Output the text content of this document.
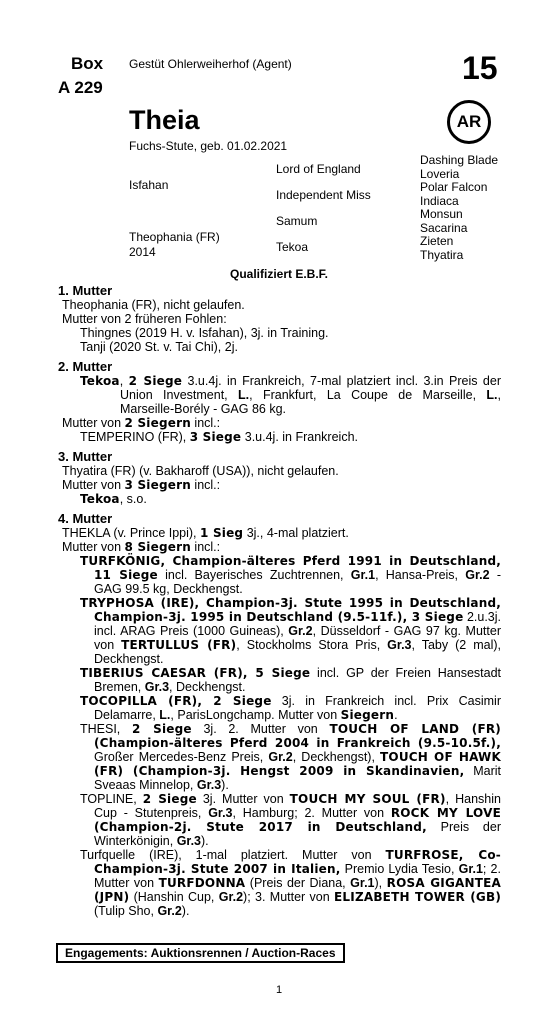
Box
A 229
Gestüt Ohlerweiherhof (Agent)	15
Theia
Fuchs-Stute, geb. 01.02.2021
AR
Isfahan
Theophania (FR)
2014
Lord of England
Independent Miss
Samum
Tekoa
Dashing Blade
Loveria
Polar Falcon
Indiaca
Monsun
Sacarina
Zieten
Thyatira
Qualifiziert E.B.F.
1. Mutter
Theophania (FR), nicht gelaufen.
Mutter von 2 früheren Fohlen:
Thingnes (2019 H. v. Isfahan), 3j. in Training.
Tanji (2020 St. v. Tai Chi), 2j.
2. Mutter
Tekoa, 2 Siege 3.u.4j. in Frankreich, 7-mal platziert incl. 3.in Preis der Union Investment, L., Frankfurt, La Coupe de Marseille, L., Marseille-Borély - GAG 86 kg.
Mutter von 2 Siegern incl.:
TEMPERINO (FR), 3 Siege 3.u.4j. in Frankreich.
3. Mutter
Thyatira (FR) (v. Bakharoff (USA)), nicht gelaufen.
Mutter von 3 Siegern incl.:
Tekoa, s.o.
4. Mutter
THEKLA (v. Prince Ippi), 1 Sieg 3j., 4-mal platziert.
Mutter von 8 Siegern incl.:
TURFKÖNIG, Champion-älteres Pferd 1991 in Deutschland, 11 Siege incl. Bayerisches Zuchtrennen, Gr.1, Hansa-Preis, Gr.2 - GAG 99.5 kg, Deckhengst.
TRYPHOSA (IRE), Champion-3j. Stute 1995 in Deutschland, Champion-3j. 1995 in Deutschland (9.5-11f.), 3 Siege 2.u.3j. incl. ARAG Preis (1000 Guineas), Gr.2, Düsseldorf - GAG 97 kg. Mutter von TERTULLUS (FR), Stockholms Stora Pris, Gr.3, Taby (2 mal), Deckhengst.
TIBERIUS CAESAR (FR), 5 Siege incl. GP der Freien Hansestadt Bremen, Gr.3, Deckhengst.
TOCOPILLA (FR), 2 Siege 3j. in Frankreich incl. Prix Casimir Delamarre, L., ParisLongchamp. Mutter von Siegern.
THESI, 2 Siege 3j. 2. Mutter von TOUCH OF LAND (FR) (Champion-älteres Pferd 2004 in Frankreich (9.5-10.5f.), Großer Mercedes-Benz Preis, Gr.2, Deckhengst), TOUCH OF HAWK (FR) (Champion-3j. Hengst 2009 in Skandinavien, Marit Sveaas Minnelop, Gr.3).
TOPLINE, 2 Siege 3j. Mutter von TOUCH MY SOUL (FR), Hanshin Cup - Stutenpreis, Gr.3, Hamburg; 2. Mutter von ROCK MY LOVE (Champion-2j. Stute 2017 in Deutschland, Preis der Winterkönigin, Gr.3).
Turfquelle (IRE), 1-mal platziert. Mutter von TURFROSE, Co-Champion-3j. Stute 2007 in Italien, Premio Lydia Tesio, Gr.1; 2. Mutter von TURFDONNA (Preis der Diana, Gr.1), ROSA GIGANTEA (JPN) (Hanshin Cup, Gr.2); 3. Mutter von ELIZABETH TOWER (GB) (Tulip Sho, Gr.2).
Engagements: Auktionsrennen / Auction-Races
1
